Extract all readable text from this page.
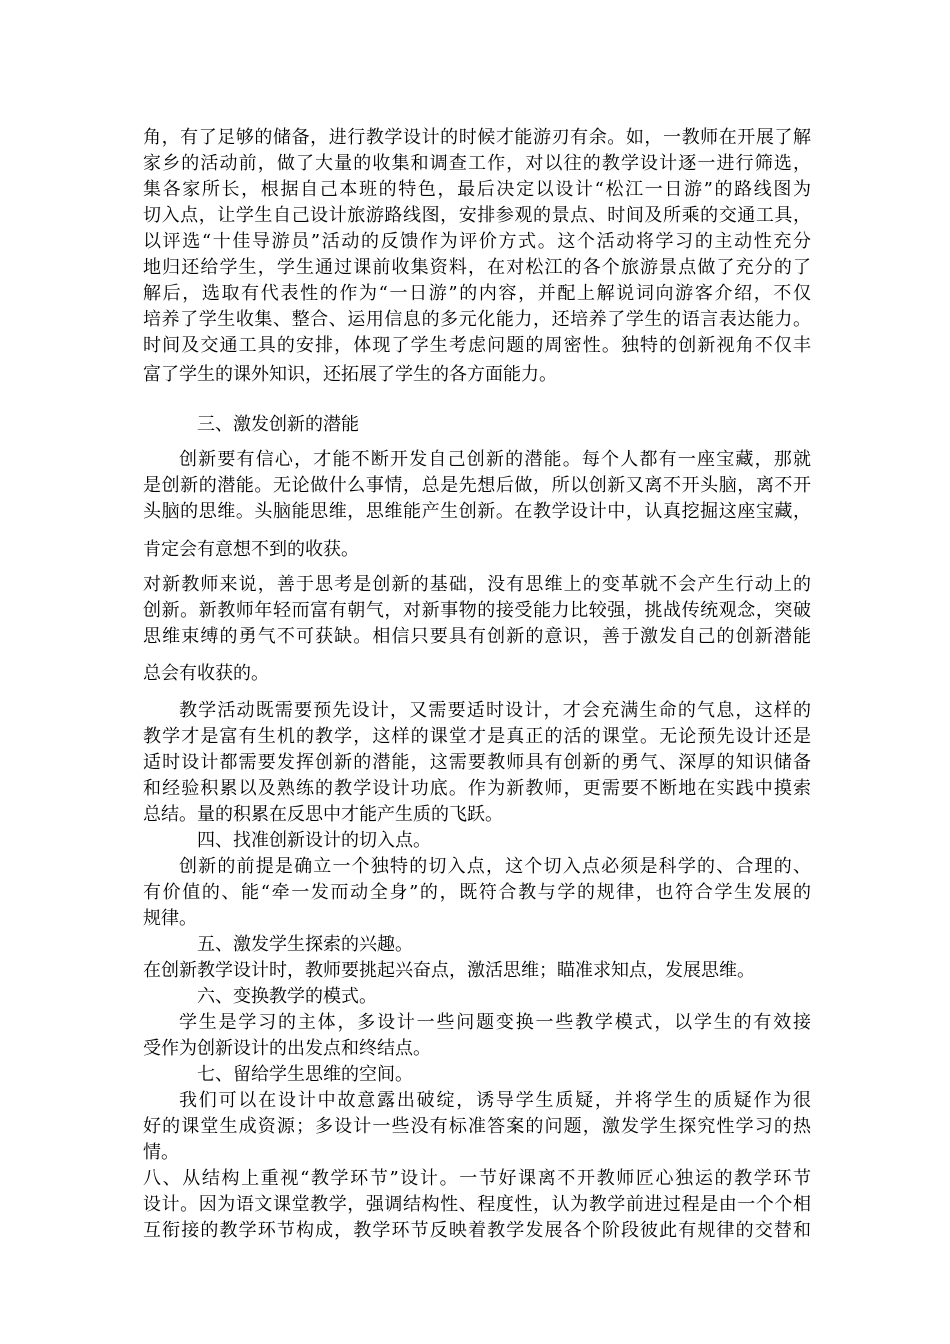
角，有了足够的储备，进行教学设计的时候才能游刃有余。如，一教师在开展了解
家乡的活动前，做了大量的收集和调查工作，对以往的教学设计逐一进行筛选，
集各家所长，根据自己本班的特色，最后决定以设计“松江一日游”的路线图为
切入点，让学生自己设计旅游路线图，安排参观的景点、时间及所乘的交通工具，
以评选“十佳导游员”活动的反馈作为评价方式。这个活动将学习的主动性充分
地归还给学生，学生通过课前收集资料，在对松江的各个旅游景点做了充分的了
解后，选取有代表性的作为“一日游”的内容，并配上解说词向游客介绍，不仅
培养了学生收集、整合、运用信息的多元化能力，还培养了学生的语言表达能力。
时间及交通工具的安排，体现了学生考虑问题的周密性。独特的创新视角不仅丰
富了学生的课外知识，还拓展了学生的各方面能力。
三、激发创新的潜能
创新要有信心，才能不断开发自己创新的潜能。每个人都有一座宝藏，那就
是创新的潜能。无论做什么事情，总是先想后做，所以创新又离不开头脑，离不开
头脑的思维。头脑能思维，思维能产生创新。在教学设计中，认真挖掘这座宝藏，
肯定会有意想不到的收获。
对新教师来说，善于思考是创新的基础，没有思维上的变革就不会产生行动上的
创新。新教师年轻而富有朝气，对新事物的接受能力比较强，挑战传统观念，突破
思维束缚的勇气不可获缺。相信只要具有创新的意识，善于激发自己的创新潜能
总会有收获的。
教学活动既需要预先设计，又需要适时设计，才会充满生命的气息，这样的
教学才是富有生机的教学，这样的课堂才是真正的活的课堂。无论预先设计还是
适时设计都需要发挥创新的潜能，这需要教师具有创新的勇气、深厚的知识储备
和经验积累以及熟练的教学设计功底。作为新教师，更需要不断地在实践中摸索
总结。量的积累在反思中才能产生质的飞跃。
四、找准创新设计的切入点。
创新的前提是确立一个独特的切入点，这个切入点必须是科学的、合理的、
有价值的、能“牵一发而动全身”的，既符合教与学的规律，也符合学生发展的
规律。
五、激发学生探索的兴趣。
在创新教学设计时，教师要挑起兴奋点，激活思维；瞄准求知点，发展思维。
六、变换教学的模式。
学生是学习的主体，多设计一些问题变换一些教学模式，以学生的有效接
受作为创新设计的出发点和终结点。
七、留给学生思维的空间。
我们可以在设计中故意露出破绽，诱导学生质疑，并将学生的质疑作为很
好的课堂生成资源；多设计一些没有标准答案的问题，激发学生探究性学习的热
情。
八、从结构上重视“教学环节”设计。一节好课离不开教师匠心独运的教学环节
设计。因为语文课堂教学，强调结构性、程度性，认为教学前进过程是由一个个相
互衔接的教学环节构成，教学环节反映着教学发展各个阶段彼此有规律的交替和
